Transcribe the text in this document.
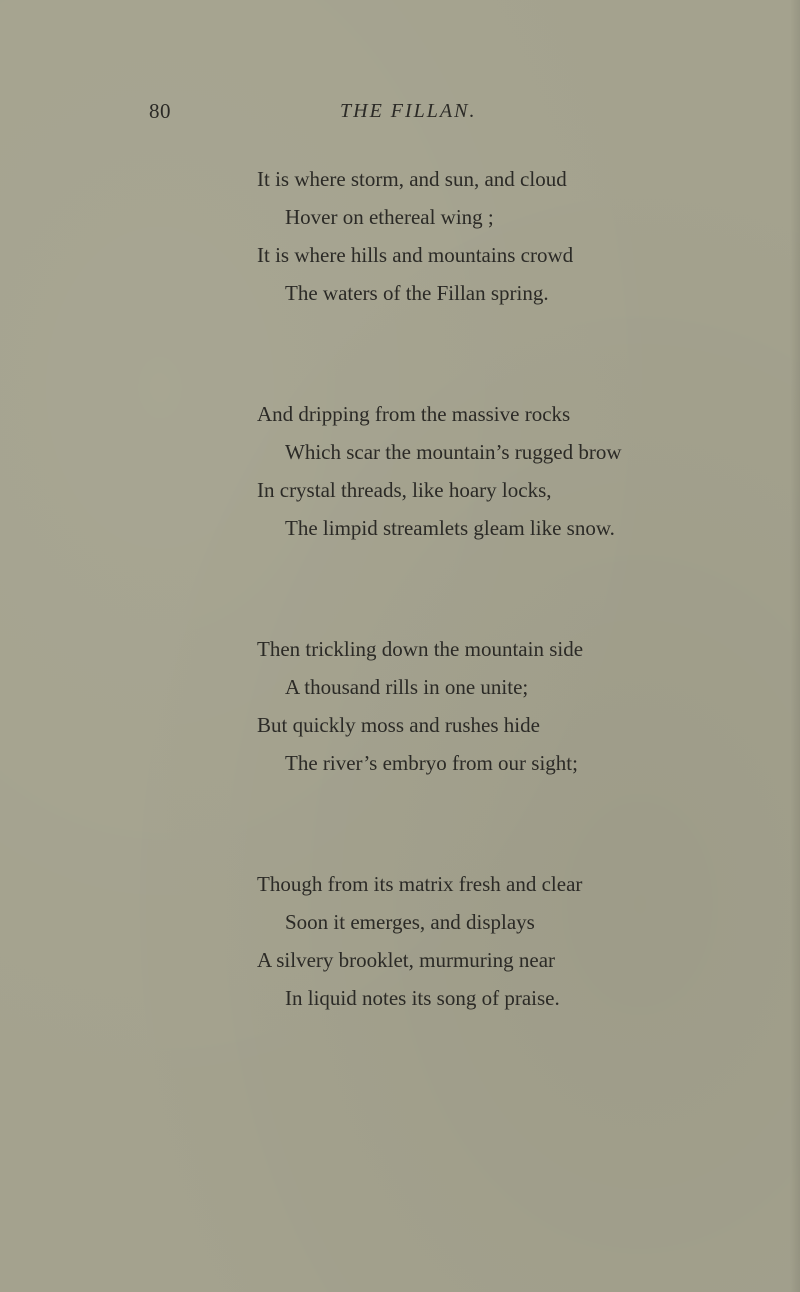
80	THE FILLAN.
It is where storm, and sun, and cloud
Hover on ethereal wing ;
It is where hills and mountains crowd
The waters of the Fillan spring.
And dripping from the massive rocks
Which scar the mountain’s rugged brow
In crystal threads, like hoary locks,
The limpid streamlets gleam like snow.
Then trickling down the mountain side
A thousand rills in one unite;
But quickly moss and rushes hide
The river’s embryo from our sight;
Though from its matrix fresh and clear
Soon it emerges, and displays
A silvery brooklet, murmuring near
In liquid notes its song of praise.
